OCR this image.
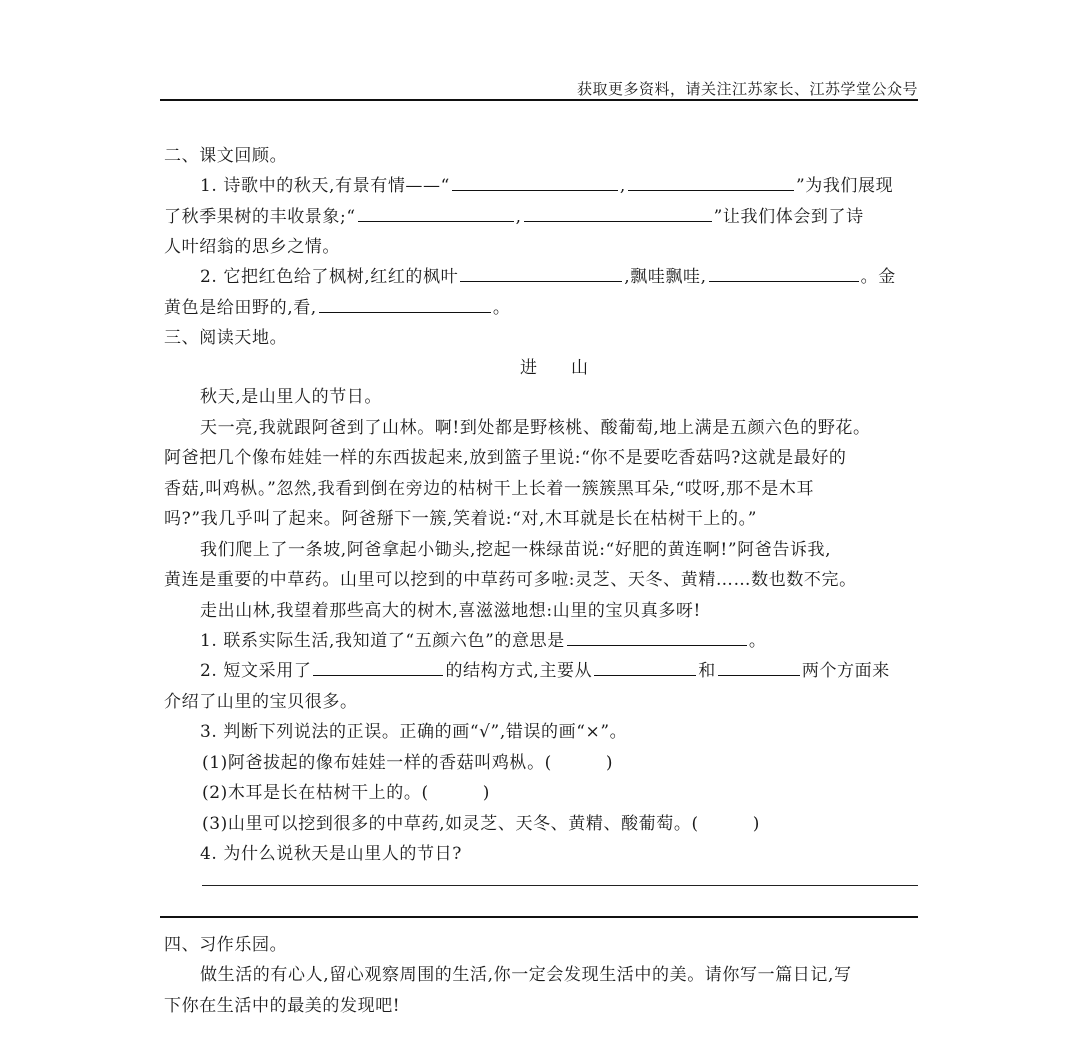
获取更多资料，请关注江苏家长、江苏学堂公众号
二、课文回顾。
1. 诗歌中的秋天,有景有情——“	,	”为我们展现
了秋季果树的丰收景象;“	,	”让我们体会到了诗
人叶绍翁的思乡之情。
2. 它把红色给了枫树,红红的枫叶	,飘哇飘哇,	。金
黄色是给田野的,看,	。
三、阅读天地。
进 山
秋天,是山里人的节日。
天一亮,我就跟阿爸到了山林。啊!到处都是野核桃、酸葡萄,地上满是五颜六色的野花。
阿爸把几个像布娃娃一样的东西拔起来,放到篮子里说:“你不是要吃香菇吗?这就是最好的
香菇,叫鸡枞。”忽然,我看到倒在旁边的枯树干上长着一簇簇黑耳朵,“哎呀,那不是木耳
吗?”我几乎叫了起来。阿爸掰下一簇,笑着说:“对,木耳就是长在枯树干上的。”
我们爬上了一条坡,阿爸拿起小锄头,挖起一株绿苗说:“好肥的黄连啊!”阿爸告诉我,
黄连是重要的中草药。山里可以挖到的中草药可多啦:灵芝、天冬、黄精……数也数不完。
走出山林,我望着那些高大的树木,喜滋滋地想:山里的宝贝真多呀!
1. 联系实际生活,我知道了“五颜六色”的意思是	。
2. 短文采用了	的结构方式,主要从	和	两个方面来
介绍了山里的宝贝很多。
3. 判断下列说法的正误。正确的画“√”,错误的画“×”。
(1)阿爸拔起的像布娃娃一样的香菇叫鸡枞。(	)
(2)木耳是长在枯树干上的。(	)
(3)山里可以挖到很多的中草药,如灵芝、天冬、黄精、酸葡萄。(	)
4. 为什么说秋天是山里人的节日?
四、习作乐园。
做生活的有心人,留心观察周围的生活,你一定会发现生活中的美。请你写一篇日记,写
下你在生活中的最美的发现吧!
